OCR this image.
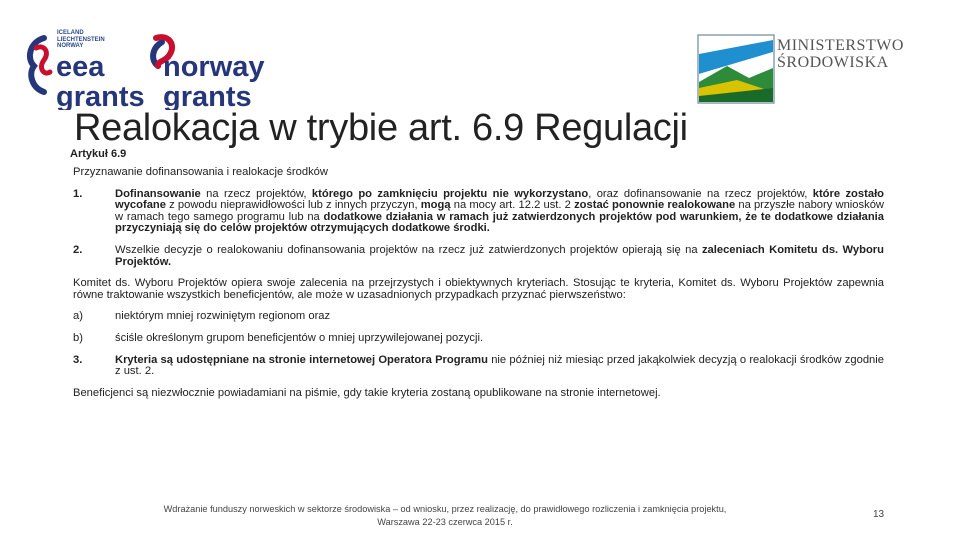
eea
grants
norway
grants
ICELAND
LIECHTENSTEIN
NORWAY	MINISTERSTWO
ŚRODOWISKA
Realokacja w trybie art. 6.9 Regulacji
Artykuł 6.9

Przyznawanie dofinansowania i realokacje środków

1.	Dofinansowanie na rzecz projektów, którego po zamknięciu projektu nie wykorzystano, oraz dofinansowanie na rzecz projektów, które zostało wycofane z powodu nieprawidłowości lub z innych przyczyn, mogą na mocy art. 12.2 ust. 2 zostać ponownie realokowane na przyszłe nabory wniosków w ramach tego samego programu lub na dodatkowe działania w ramach już zatwierdzonych projektów pod warunkiem, że te dodatkowe działania przyczyniają się do celów projektów otrzymujących dodatkowe środki.
2.	Wszelkie decyzje o realokowaniu dofinansowania projektów na rzecz już zatwierdzonych projektów opierają się na zaleceniach Komitetu ds. Wyboru Projektów.

Komitet ds. Wyboru Projektów opiera swoje zalecenia na przejrzystych i obiektywnych kryteriach. Stosując te kryteria, Komitet ds. Wyboru Projektów zapewnia równe traktowanie wszystkich beneficjentów, ale może w uzasadnionych przypadkach przyznać pierwszeństwo:

a)	niektórym mniej rozwiniętym regionom oraz
b)	ściśle określonym grupom beneficjentów o mniej uprzywilejowanej pozycji.
3.	Kryteria są udostępniane na stronie internetowej Operatora Programu nie później niż miesiąc przed jakąkolwiek decyzją o realokacji środków zgodnie z ust. 2.

Beneficjenci są niezwłocznie powiadamiani na piśmie, gdy takie kryteria zostaną opublikowane na stronie internetowej.

Wdrażanie funduszy norweskich w sektorze środowiska – od wniosku, przez realizację, do prawidłowego rozliczenia i zamknięcia projektu,
Warszawa 22-23 czerwca 2015 r.
13
